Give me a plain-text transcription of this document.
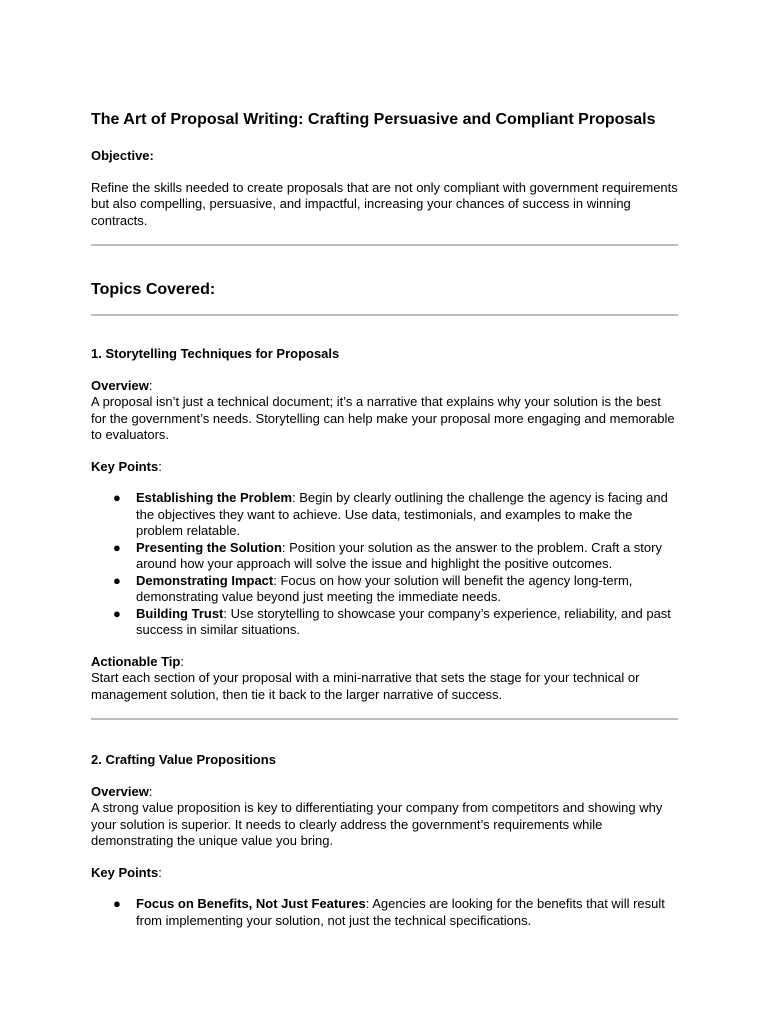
The Art of Proposal Writing: Crafting Persuasive and Compliant Proposals
Objective:

Refine the skills needed to create proposals that are not only compliant with government requirements but also compelling, persuasive, and impactful, increasing your chances of success in winning contracts.

Topics Covered:
1. Storytelling Techniques for Proposals

Overview:

A proposal isn’t just a technical document; it’s a narrative that explains why your solution is the best for the government’s needs. Storytelling can help make your proposal more engaging and memorable to evaluators.

Key Points:

● Establishing the Problem: Begin by clearly outlining the challenge the agency is facing and the objectives they want to achieve. Use data, testimonials, and examples to make the problem relatable.
● Presenting the Solution: Position your solution as the answer to the problem. Craft a story around how your approach will solve the issue and highlight the positive outcomes.
● Demonstrating Impact: Focus on how your solution will benefit the agency long-term, demonstrating value beyond just meeting the immediate needs.
● Building Trust: Use storytelling to showcase your company’s experience, reliability, and past success in similar situations.

Actionable Tip:

Start each section of your proposal with a mini-narrative that sets the stage for your technical or management solution, then tie it back to the larger narrative of success.

2. Crafting Value Propositions

Overview:

A strong value proposition is key to differentiating your company from competitors and showing why your solution is superior. It needs to clearly address the government’s requirements while demonstrating the unique value you bring.

Key Points:

● Focus on Benefits, Not Just Features: Agencies are looking for the benefits that will result from implementing your solution, not just the technical specifications.
